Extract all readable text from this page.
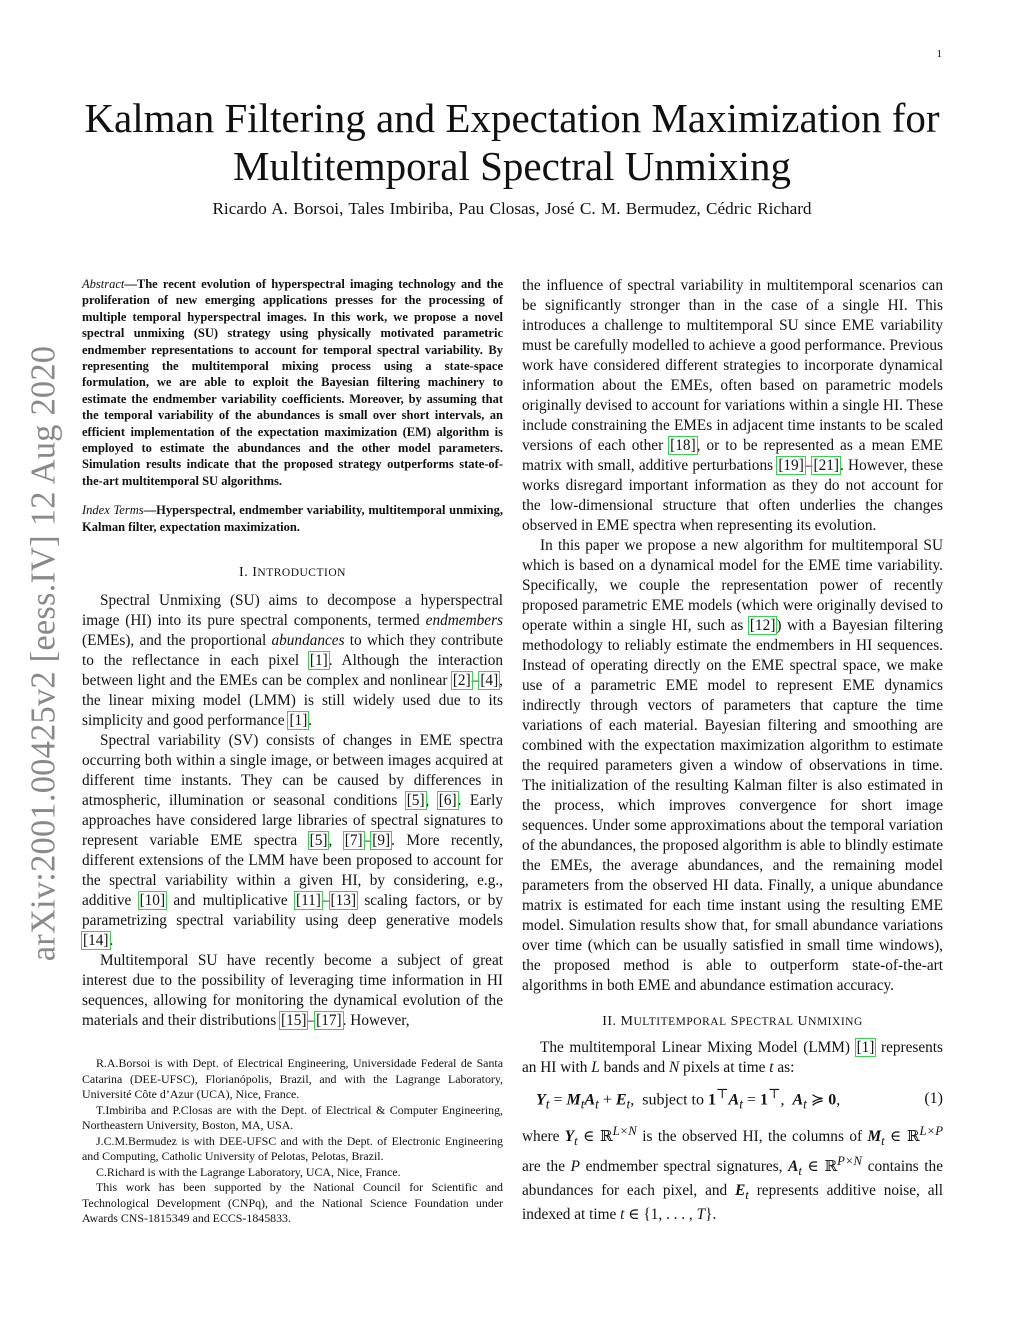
1
arXiv:2001.00425v2 [eess.IV] 12 Aug 2020
Kalman Filtering and Expectation Maximization for
Multitemporal Spectral Unmixing
Ricardo A. Borsoi, Tales Imbiriba, Pau Closas, José C. M. Bermudez, Cédric Richard

Abstract—The recent evolution of hyperspectral imaging technology and the proliferation of new emerging applications presses for the processing of multiple temporal hyperspectral images. In this work, we propose a novel spectral unmixing (SU) strategy using physically motivated parametric endmember representations to account for temporal spectral variability. By representing the multitemporal mixing process using a state-space formulation, we are able to exploit the Bayesian filtering machinery to estimate the endmember variability coefficients. Moreover, by assuming that the temporal variability of the abundances is small over short intervals, an efficient implementation of the expectation maximization (EM) algorithm is employed to estimate the abundances and the other model parameters. Simulation results indicate that the proposed strategy outperforms state-of-the-art multitemporal SU algorithms.

Index Terms—Hyperspectral, endmember variability, multitemporal unmixing, Kalman filter, expectation maximization.

I. INTRODUCTION

Spectral Unmixing (SU) aims to decompose a hyperspectral image (HI) into its pure spectral components, termed endmembers (EMEs), and the proportional abundances to which they contribute to the reflectance in each pixel [1]. Although the interaction between light and the EMEs can be complex and nonlinear [2]–[4], the linear mixing model (LMM) is still widely used due to its simplicity and good performance [1].

Spectral variability (SV) consists of changes in EME spectra occurring both within a single image, or between images acquired at different time instants. They can be caused by differences in atmospheric, illumination or seasonal conditions [5], [6]. Early approaches have considered large libraries of spectral signatures to represent variable EME spectra [5], [7]–[9]. More recently, different extensions of the LMM have been proposed to account for the spectral variability within a given HI, by considering, e.g., additive [10] and multiplicative [11]–[13] scaling factors, or by parametrizing spectral variability using deep generative models [14].

Multitemporal SU have recently become a subject of great interest due to the possibility of leveraging time information in HI sequences, allowing for monitoring the dynamical evolution of the materials and their distributions [15]–[17]. However,

R.A.Borsoi is with Dept. of Electrical Engineering, Universidade Federal de Santa Catarina (DEE-UFSC), Florianópolis, Brazil, and with the Lagrange Laboratory, Université Côte d’Azur (UCA), Nice, France.

T.Imbiriba and P.Closas are with the Dept. of Electrical & Computer Engineering, Northeastern University, Boston, MA, USA.

J.C.M.Bermudez is with DEE-UFSC and with the Dept. of Electronic Engineering and Computing, Catholic University of Pelotas, Pelotas, Brazil.

C.Richard is with the Lagrange Laboratory, UCA, Nice, France.

This work has been supported by the National Council for Scientific and Technological Development (CNPq), and the National Science Foundation under Awards CNS-1815349 and ECCS-1845833.

the influence of spectral variability in multitemporal scenarios can be significantly stronger than in the case of a single HI. This introduces a challenge to multitemporal SU since EME variability must be carefully modelled to achieve a good performance. Previous work have considered different strategies to incorporate dynamical information about the EMEs, often based on parametric models originally devised to account for variations within a single HI. These include constraining the EMEs in adjacent time instants to be scaled versions of each other [18], or to be represented as a mean EME matrix with small, additive perturbations [19]–[21]. However, these works disregard important information as they do not account for the low-dimensional structure that often underlies the changes observed in EME spectra when representing its evolution.

In this paper we propose a new algorithm for multitemporal SU which is based on a dynamical model for the EME time variability. Specifically, we couple the representation power of recently proposed parametric EME models (which were originally devised to operate within a single HI, such as [12]) with a Bayesian filtering methodology to reliably estimate the endmembers in HI sequences. Instead of operating directly on the EME spectral space, we make use of a parametric EME model to represent EME dynamics indirectly through vectors of parameters that capture the time variations of each material. Bayesian filtering and smoothing are combined with the expectation maximization algorithm to estimate the required parameters given a window of observations in time. The initialization of the resulting Kalman filter is also estimated in the process, which improves convergence for short image sequences. Under some approximations about the temporal variation of the abundances, the proposed algorithm is able to blindly estimate the EMEs, the average abundances, and the remaining model parameters from the observed HI data. Finally, a unique abundance matrix is estimated for each time instant using the resulting EME model. Simulation results show that, for small abundance variations over time (which can be usually satisfied in small time windows), the proposed method is able to outperform state-of-the-art algorithms in both EME and abundance estimation accuracy.

II. MULTITEMPORAL SPECTRAL UNMIXING

The multitemporal Linear Mixing Model (LMM) [1] represents an HI with L bands and N pixels at time t as:

$Y_t = M_tA_t + E_t$, subject to $1^⊤A_t = 1^⊤$, $A_t$ ≽ 0,	(1)

where $Y_t$ ∈ ℝ$^{L\times N}$ is the observed HI, the columns of $M_t$ ∈ ℝ$^{L\times P}$ are the P endmember spectral signatures, $A_t$ ∈ ℝ$^{P\times N}$ contains the abundances for each pixel, and $E_t$ represents additive noise, all indexed at time t ∈ {1, . . . , T}.
